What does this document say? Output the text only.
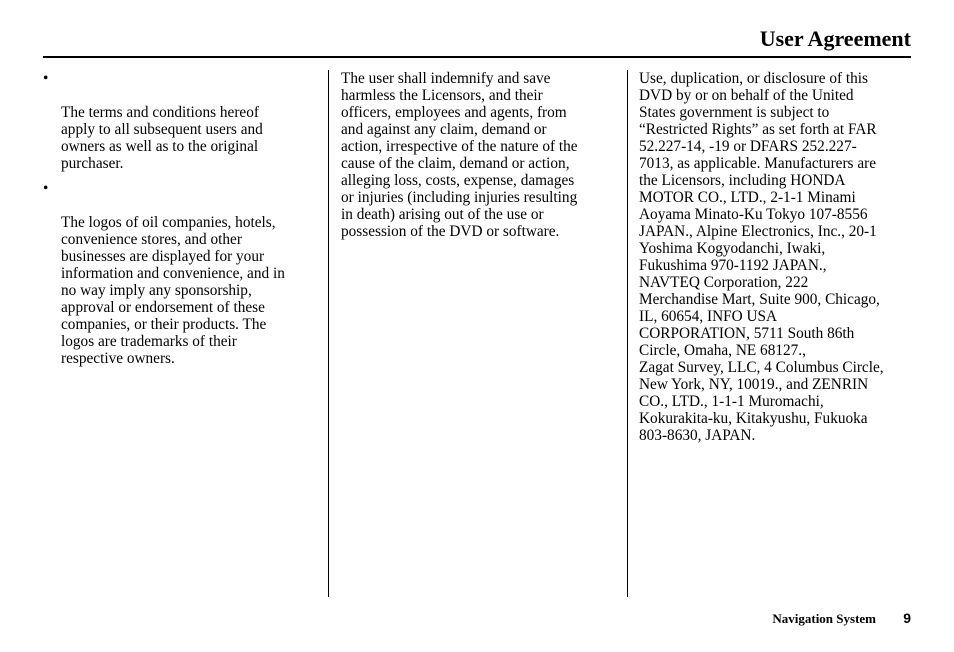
User Agreement

•

The terms and conditions hereof
apply to all subsequent users and
owners as well as to the original
purchaser.

•

The logos of oil companies, hotels,
convenience stores, and other
businesses are displayed for your
information and convenience, and in
no way imply any sponsorship,
approval or endorsement of these
companies, or their products. The
logos are trademarks of their
respective owners.

The user shall indemnify and save
harmless the Licensors, and their
officers, employees and agents, from
and against any claim, demand or
action, irrespective of the nature of the
cause of the claim, demand or action,
alleging loss, costs, expense, damages
or injuries (including injuries resulting
in death) arising out of the use or
possession of the DVD or software.

Use, duplication, or disclosure of this
DVD by or on behalf of the United
States government is subject to
“Restricted Rights” as set forth at FAR
52.227-14, -19 or DFARS 252.227-
7013, as applicable. Manufacturers are
the Licensors, including HONDA
MOTOR CO., LTD., 2-1-1 Minami
Aoyama Minato-Ku Tokyo 107-8556
JAPAN., Alpine Electronics, Inc., 20-1
Yoshima Kogyodanchi, Iwaki,
Fukushima 970-1192 JAPAN.,
NAVTEQ Corporation, 222
Merchandise Mart, Suite 900, Chicago,
IL, 60654, INFO USA
CORPORATION, 5711 South 86th
Circle, Omaha, NE 68127.,
Zagat Survey, LLC, 4 Columbus Circle,
New York, NY, 10019., and ZENRIN
CO., LTD., 1-1-1 Muromachi,
Kokurakita-ku, Kitakyushu, Fukuoka
803-8630, JAPAN.

Navigation System 9
